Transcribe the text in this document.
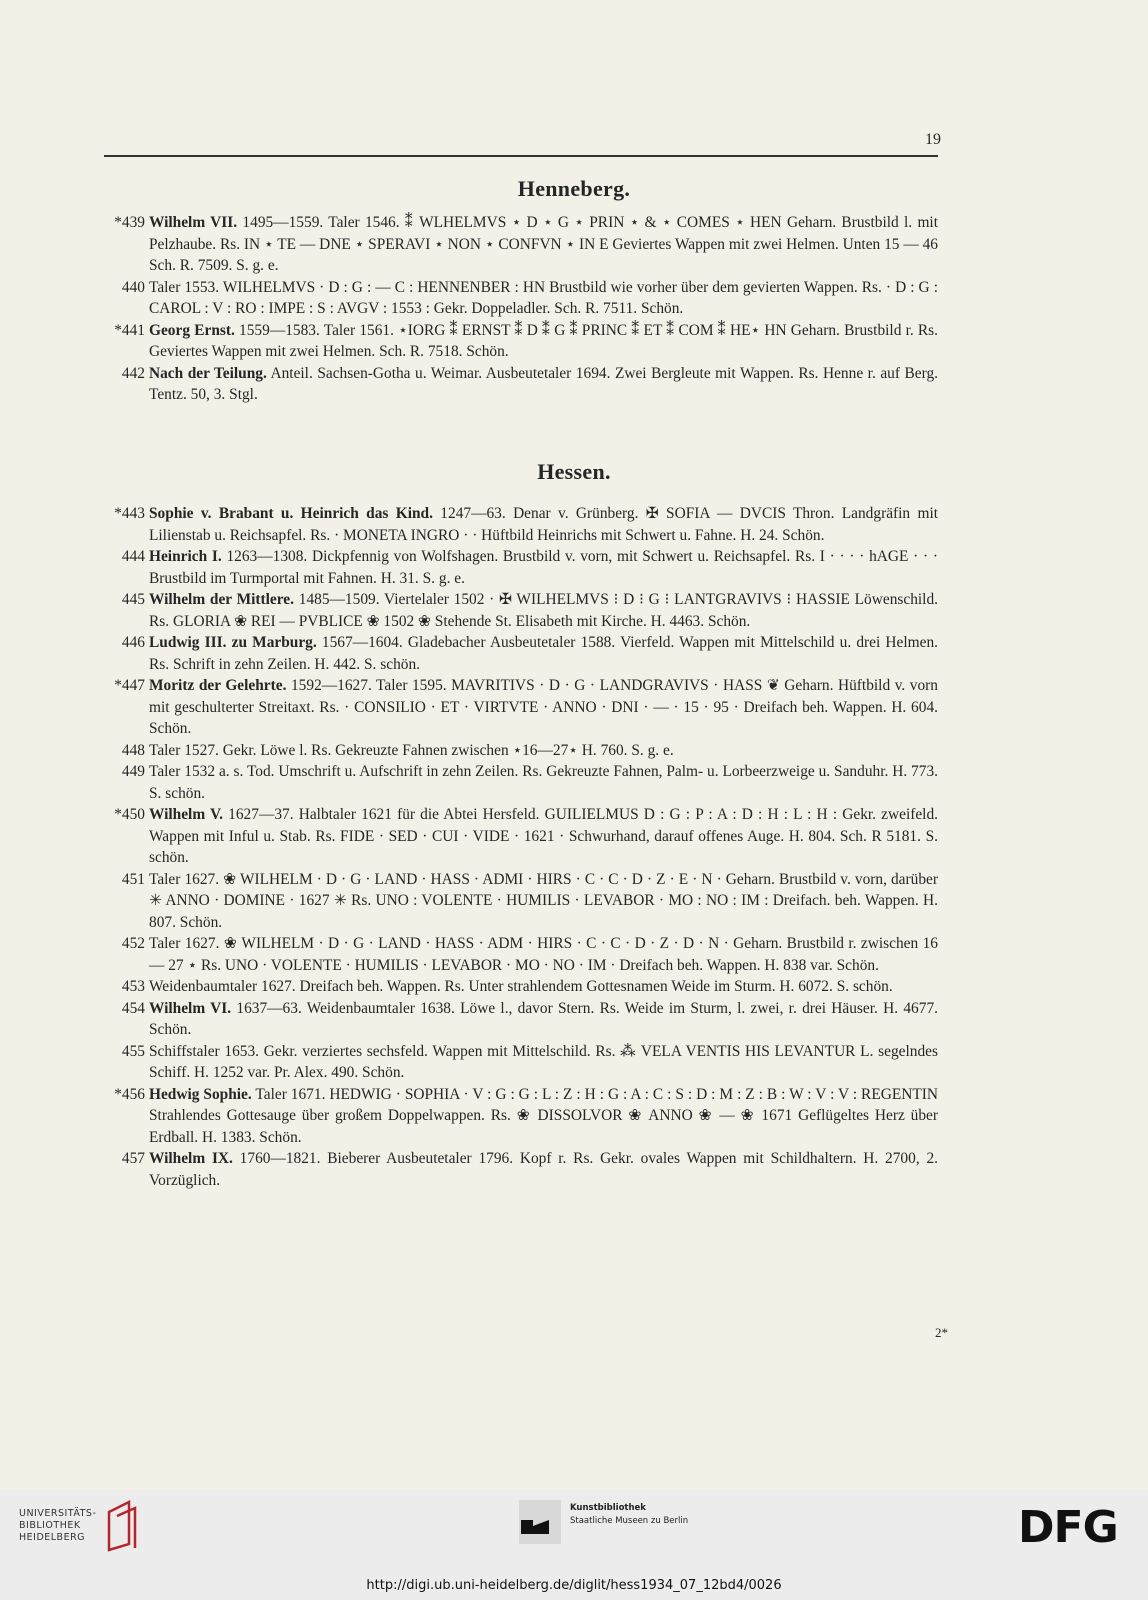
19
Henneberg.
*439 Wilhelm VII. 1495—1559. Taler 1546. ⁑ WLHELMVS ⋆ D ⋆ G ⋆ PRIN ⋆ & ⋆ COMES ⋆ HEN Geharn. Brustbild l. mit Pelzhaube. Rs. IN ⋆ TE — DNE ⋆ SPERAVI ⋆ NON ⋆ CONFVN ⋆ IN E Geviertes Wappen mit zwei Helmen. Unten 15 — 46 Sch. R. 7509. S. g. e.
440 Taler 1553. WILHELMVS · D : G : — C : HENNENBER : HN Brustbild wie vorher über dem gevierten Wappen. Rs. · D : G : CAROL : V : RO : IMPE : S : AVGV : 1553 : Gekr. Doppeladler. Sch. R. 7511. Schön.
*441 Georg Ernst. 1559—1583. Taler 1561. ⋆IORG ⁑ ERNST ⁑ D ⁑ G ⁑ PRINC ⁑ ET ⁑ COM ⁑ HE⋆ HN Geharn. Brustbild r. Rs. Geviertes Wappen mit zwei Helmen. Sch. R. 7518. Schön.
442 Nach der Teilung. Anteil. Sachsen-Gotha u. Weimar. Ausbeutetaler 1694. Zwei Bergleute mit Wappen. Rs. Henne r. auf Berg. Tentz. 50, 3. Stgl.
Hessen.
*443 Sophie v. Brabant u. Heinrich das Kind. 1247—63. Denar v. Grünberg. ✠ SOFIA — DVCIS Thron. Landgräfin mit Lilienstab u. Reichsapfel. Rs. · MONETA INGRO · · Hüftbild Heinrichs mit Schwert u. Fahne. H. 24. Schön.
444 Heinrich I. 1263—1308. Dickpfennig von Wolfshagen. Brustbild v. vorn, mit Schwert u. Reichsapfel. Rs. I · · · · hAGE · · · Brustbild im Turmportal mit Fahnen. H. 31. S. g. e.
445 Wilhelm der Mittlere. 1485—1509. Viertelaler 1502 · ✠ WILHELMVS ⁝ D ⁝ G ⁝ LANTGRAVIVS ⁝ HASSIE Löwenschild. Rs. GLORIA ❀ REI — PVBLICE ❀ 1502 ❀ Stehende St. Elisabeth mit Kirche. H. 4463. Schön.
446 Ludwig III. zu Marburg. 1567—1604. Gladebacher Ausbeutetaler 1588. Vierfeld. Wappen mit Mittelschild u. drei Helmen. Rs. Schrift in zehn Zeilen. H. 442. S. schön.
*447 Moritz der Gelehrte. 1592—1627. Taler 1595. MAVRITIVS · D · G · LANDGRAVIVS · HASS ❦ Geharn. Hüftbild v. vorn mit geschulterter Streitaxt. Rs. · CONSILIO · ET · VIRTVTE · ANNO · DNI · — · 15 · 95 · Dreifach beh. Wappen. H. 604. Schön.
448 Taler 1527. Gekr. Löwe l. Rs. Gekreuzte Fahnen zwischen ⋆16—27⋆ H. 760. S. g. e.
449 Taler 1532 a. s. Tod. Umschrift u. Aufschrift in zehn Zeilen. Rs. Gekreuzte Fahnen, Palm- u. Lorbeerzweige u. Sanduhr. H. 773. S. schön.
*450 Wilhelm V. 1627—37. Halbtaler 1621 für die Abtei Hersfeld. GUILIELMUS D : G : P : A : D : H : L : H : Gekr. zweifeld. Wappen mit Inful u. Stab. Rs. FIDE · SED · CUI · VIDE · 1621 · Schwurhand, darauf offenes Auge. H. 804. Sch. R 5181. S. schön.
451 Taler 1627. ❀ WILHELM · D · G · LAND · HASS · ADMI · HIRS · C · C · D · Z · E · N · Geharn. Brustbild v. vorn, darüber ✳ ANNO · DOMINE · 1627 ✳ Rs. UNO : VOLENTE · HUMILIS · LEVABOR · MO : NO : IM : Dreifach. beh. Wappen. H. 807. Schön.
452 Taler 1627. ❀ WILHELM · D · G · LAND · HASS · ADM · HIRS · C · C · D · Z · D · N · Geharn. Brustbild r. zwischen 16 — 27 ⋆ Rs. UNO · VOLENTE · HUMILIS · LEVABOR · MO · NO · IM · Dreifach beh. Wappen. H. 838 var. Schön.
453 Weidenbaumtaler 1627. Dreifach beh. Wappen. Rs. Unter strahlendem Gottesnamen Weide im Sturm. H. 6072. S. schön.
454 Wilhelm VI. 1637—63. Weidenbaumtaler 1638. Löwe l., davor Stern. Rs. Weide im Sturm, l. zwei, r. drei Häuser. H. 4677. Schön.
455 Schiffstaler 1653. Gekr. verziertes sechsfeld. Wappen mit Mittelschild. Rs. ⁂ VELA VENTIS HIS LEVANTUR L. segelndes Schiff. H. 1252 var. Pr. Alex. 490. Schön.
*456 Hedwig Sophie. Taler 1671. HEDWIG · SOPHIA · V : G : G : L : Z : H : G : A : C : S : D : M : Z : B : W : V : V : REGENTIN Strahlendes Gottesauge über großem Doppelwappen. Rs. ❀ DISSOLVOR ❀ ANNO ❀ — ❀ 1671 Geflügeltes Herz über Erdball. H. 1383. Schön.
457 Wilhelm IX. 1760—1821. Bieberer Ausbeutetaler 1796. Kopf r. Rs. Gekr. ovales Wappen mit Schildhaltern. H. 2700, 2. Vorzüglich.
2*
UNIVERSITÄTS-
BIBLIOTHEK
HEIDELBERG
Kunstbibliothek
Staatliche Museen zu Berlin	DFG
http://digi.ub.uni-heidelberg.de/diglit/hess1934_07_12bd4/0026
